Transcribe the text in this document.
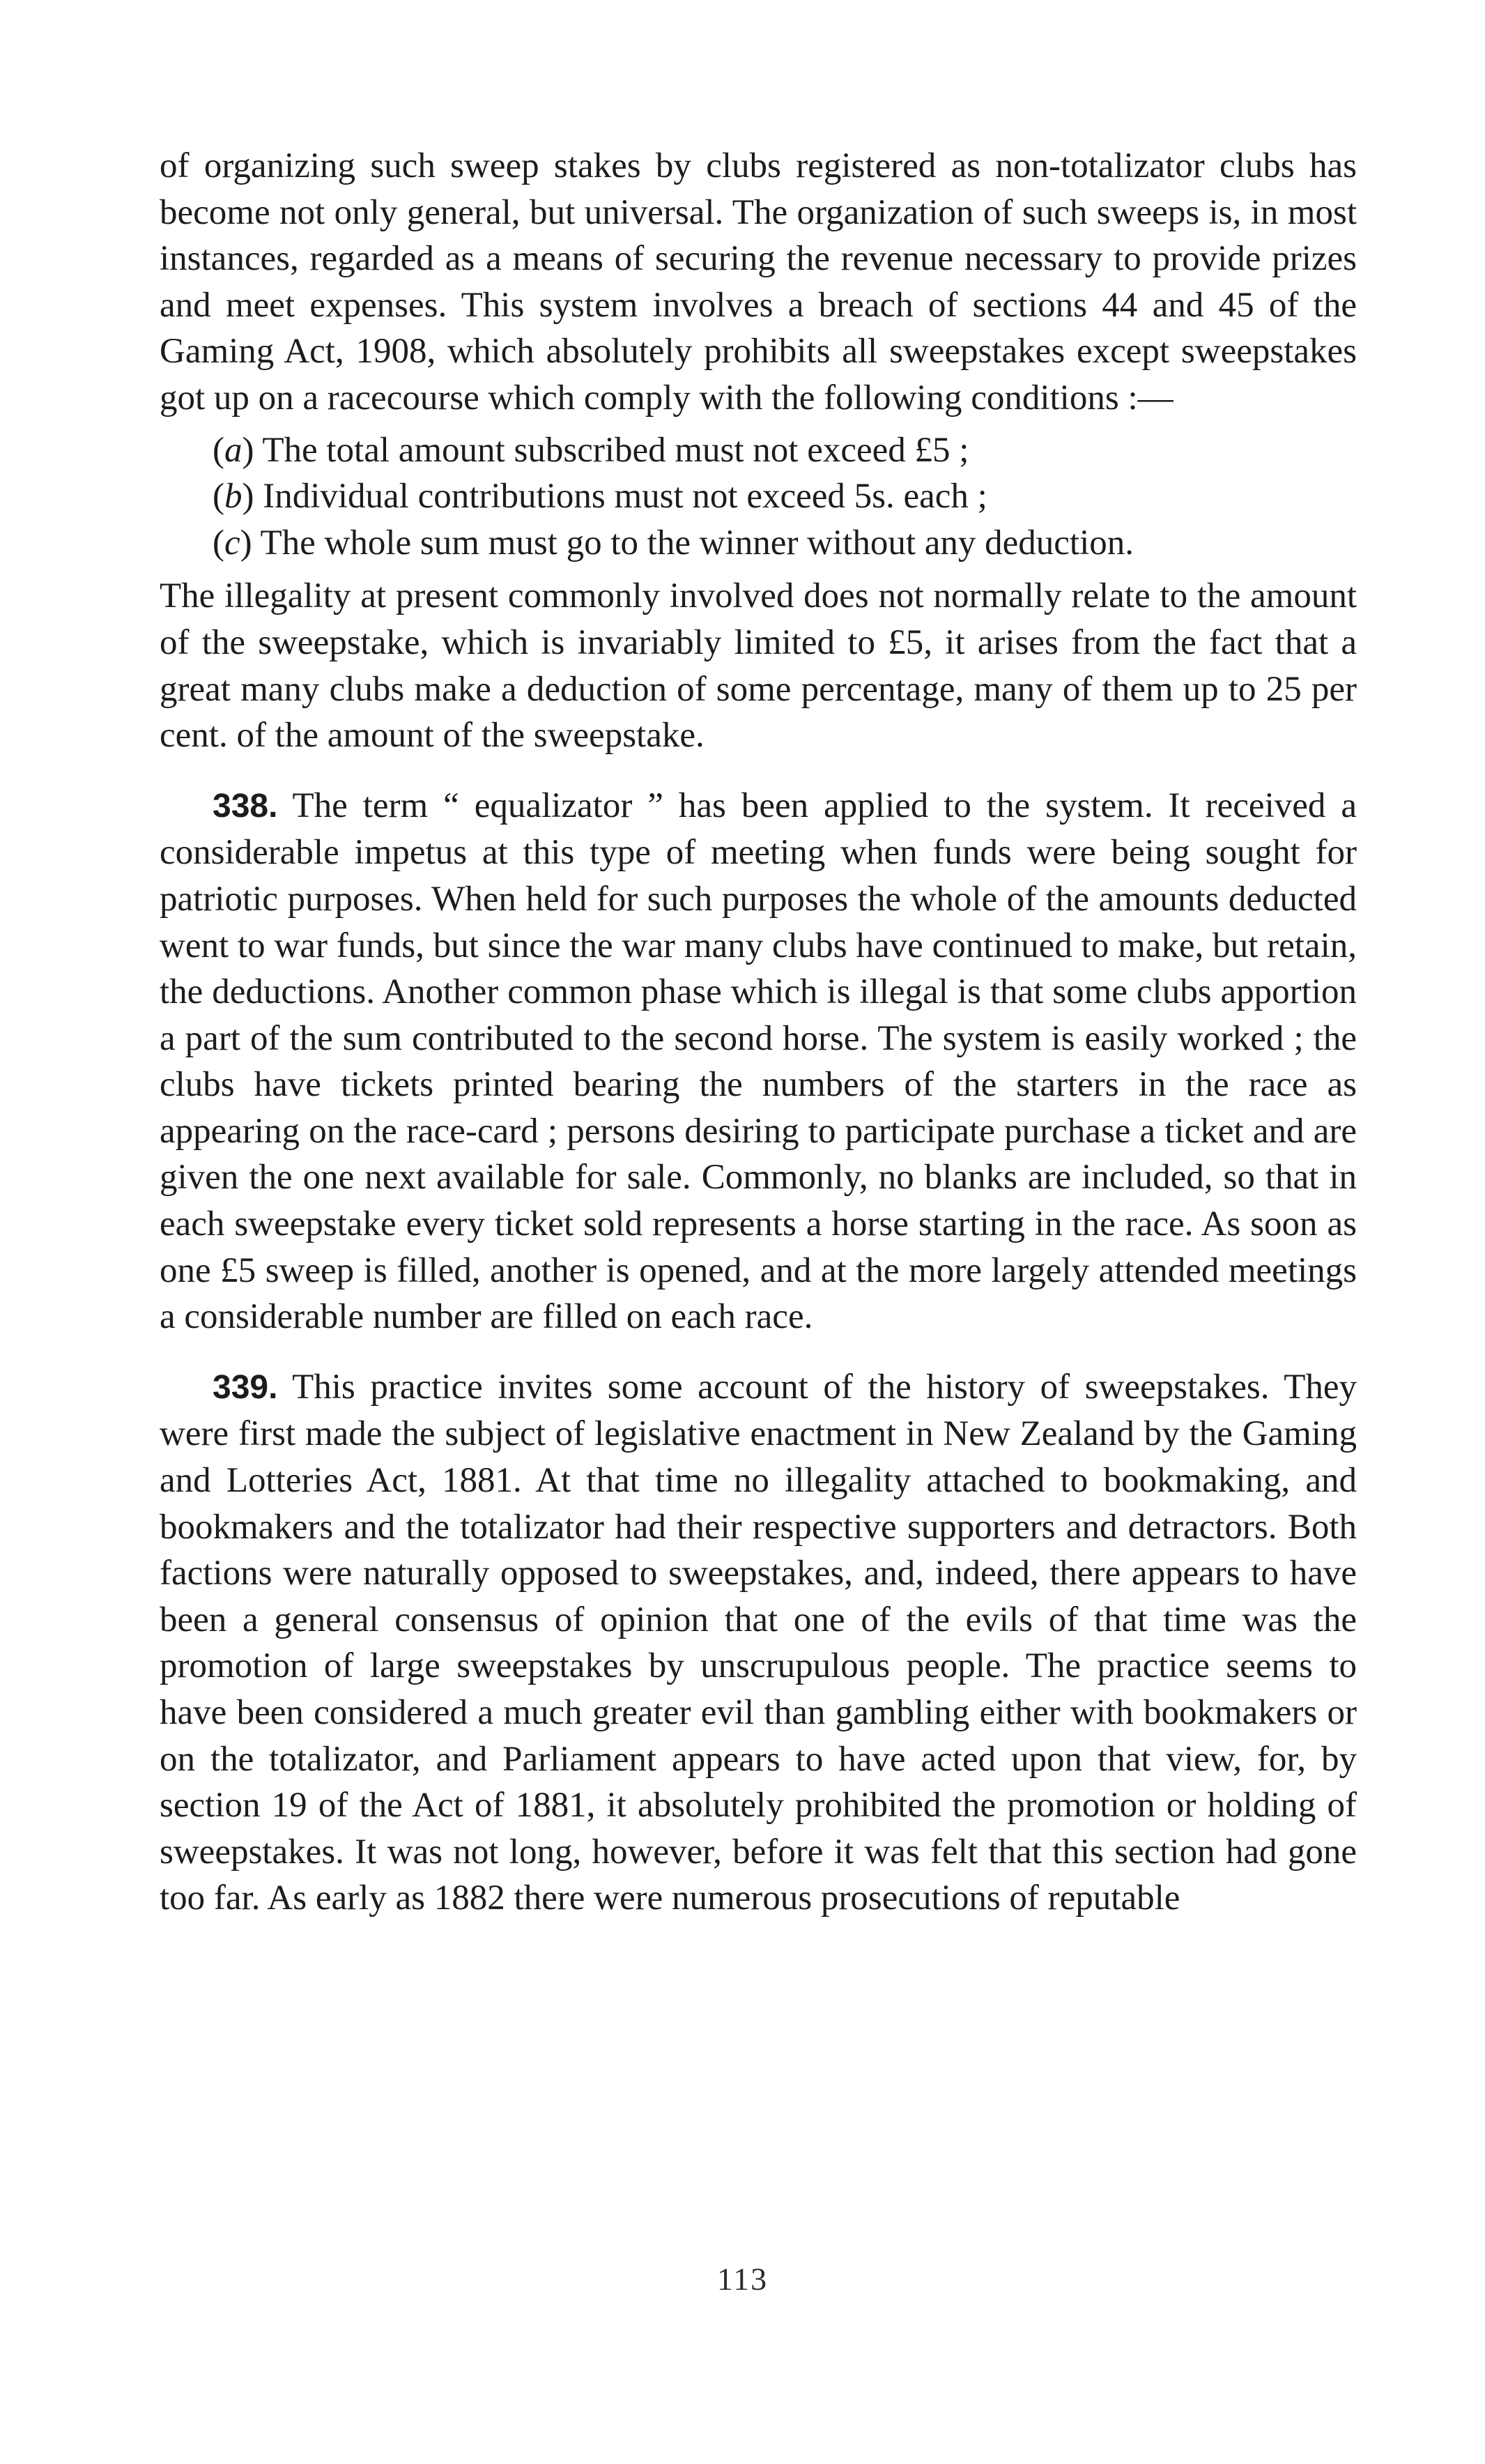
of organizing such sweep stakes by clubs registered as non-totalizator clubs has become not only general, but universal. The organization of such sweeps is, in most instances, regarded as a means of securing the revenue necessary to provide prizes and meet expenses. This system involves a breach of sections 44 and 45 of the Gaming Act, 1908, which absolutely prohibits all sweepstakes except sweepstakes got up on a racecourse which comply with the following conditions :—

(a) The total amount subscribed must not exceed £5 ;
(b) Individual contributions must not exceed 5s. each ;
(c) The whole sum must go to the winner without any deduction.

The illegality at present commonly involved does not normally relate to the amount of the sweepstake, which is invariably limited to £5, it arises from the fact that a great many clubs make a deduction of some percentage, many of them up to 25 per cent. of the amount of the sweepstake.

338. The term “ equalizator ” has been applied to the system. It received a considerable impetus at this type of meeting when funds were being sought for patriotic purposes. When held for such purposes the whole of the amounts deducted went to war funds, but since the war many clubs have continued to make, but retain, the deductions. Another common phase which is illegal is that some clubs apportion a part of the sum contributed to the second horse. The system is easily worked ; the clubs have tickets printed bearing the numbers of the starters in the race as appearing on the race-card ; persons desiring to participate purchase a ticket and are given the one next available for sale. Commonly, no blanks are included, so that in each sweepstake every ticket sold represents a horse starting in the race. As soon as one £5 sweep is filled, another is opened, and at the more largely attended meetings a considerable number are filled on each race.

339. This practice invites some account of the history of sweepstakes. They were first made the subject of legislative enactment in New Zealand by the Gaming and Lotteries Act, 1881. At that time no illegality attached to bookmaking, and bookmakers and the totalizator had their respective supporters and detractors. Both factions were naturally opposed to sweepstakes, and, indeed, there appears to have been a general consensus of opinion that one of the evils of that time was the promotion of large sweepstakes by unscrupulous people. The practice seems to have been considered a much greater evil than gambling either with bookmakers or on the totalizator, and Parliament appears to have acted upon that view, for, by section 19 of the Act of 1881, it absolutely prohibited the promotion or holding of sweepstakes. It was not long, however, before it was felt that this section had gone too far. As early as 1882 there were numerous prosecutions of reputable

113
